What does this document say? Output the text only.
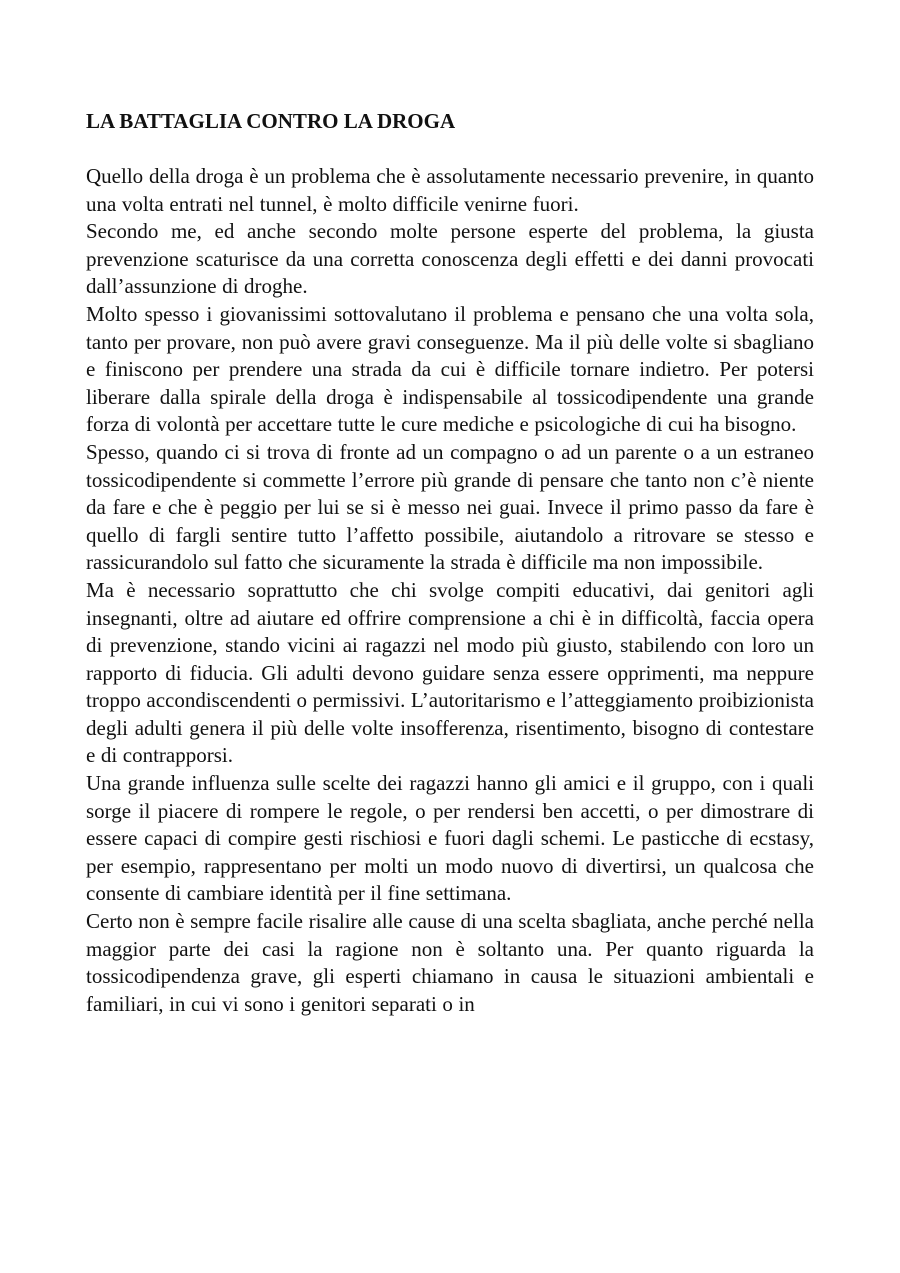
LA BATTAGLIA CONTRO LA DROGA

Quello della droga è un problema che è assolutamente necessario prevenire, in quanto una volta entrati nel tunnel, è molto difficile venirne fuori.

Secondo me, ed anche secondo molte persone esperte del problema, la giusta prevenzione scaturisce da una corretta conoscenza degli effetti e dei danni provocati dall’assunzione di droghe.

Molto spesso i giovanissimi sottovalutano il problema e pensano che una volta sola, tanto per provare, non può avere gravi conseguenze. Ma il più delle volte si sbagliano e finiscono per prendere una strada da cui è difficile tornare indietro. Per potersi liberare dalla spirale della droga è indispensabile al tossicodipendente una grande forza di volontà per accettare tutte le cure mediche e psicologiche di cui ha bisogno.

Spesso, quando ci si trova di fronte ad un compagno o ad un parente o a un estraneo tossicodipendente si commette l’errore più grande di pensare che tanto non c’è niente da fare e che è peggio per lui se si è messo nei guai. Invece il primo passo da fare è quello di fargli sentire tutto l’affetto possibile, aiutandolo a ritrovare se stesso e rassicurandolo sul fatto che sicuramente la strada è difficile ma non impossibile.

Ma è necessario soprattutto che chi svolge compiti educativi, dai genitori agli insegnanti, oltre ad aiutare ed offrire comprensione a chi è in difficoltà, faccia opera di prevenzione, stando vicini ai ragazzi nel modo più giusto, stabilendo con loro un rapporto di fiducia. Gli adulti devono guidare senza essere opprimenti, ma neppure troppo accondiscendenti o permissivi. L’autoritarismo e l’atteggiamento proibizionista degli adulti genera il più delle volte insofferenza, risentimento, bisogno di contestare e di contrapporsi.

Una grande influenza sulle scelte dei ragazzi hanno gli amici e il gruppo, con i quali sorge il piacere di rompere le regole, o per rendersi ben accetti, o per dimostrare di essere capaci di compire gesti rischiosi e fuori dagli schemi. Le pasticche di ecstasy, per esempio, rappresentano per molti un modo nuovo di divertirsi, un qualcosa che consente di cambiare identità per il fine settimana.

Certo non è sempre facile risalire alle cause di una scelta sbagliata, anche perché nella maggior parte dei casi la ragione non è soltanto una. Per quanto riguarda la tossicodipendenza grave, gli esperti chiamano in causa le situazioni ambientali e familiari, in cui vi sono i genitori separati o in
